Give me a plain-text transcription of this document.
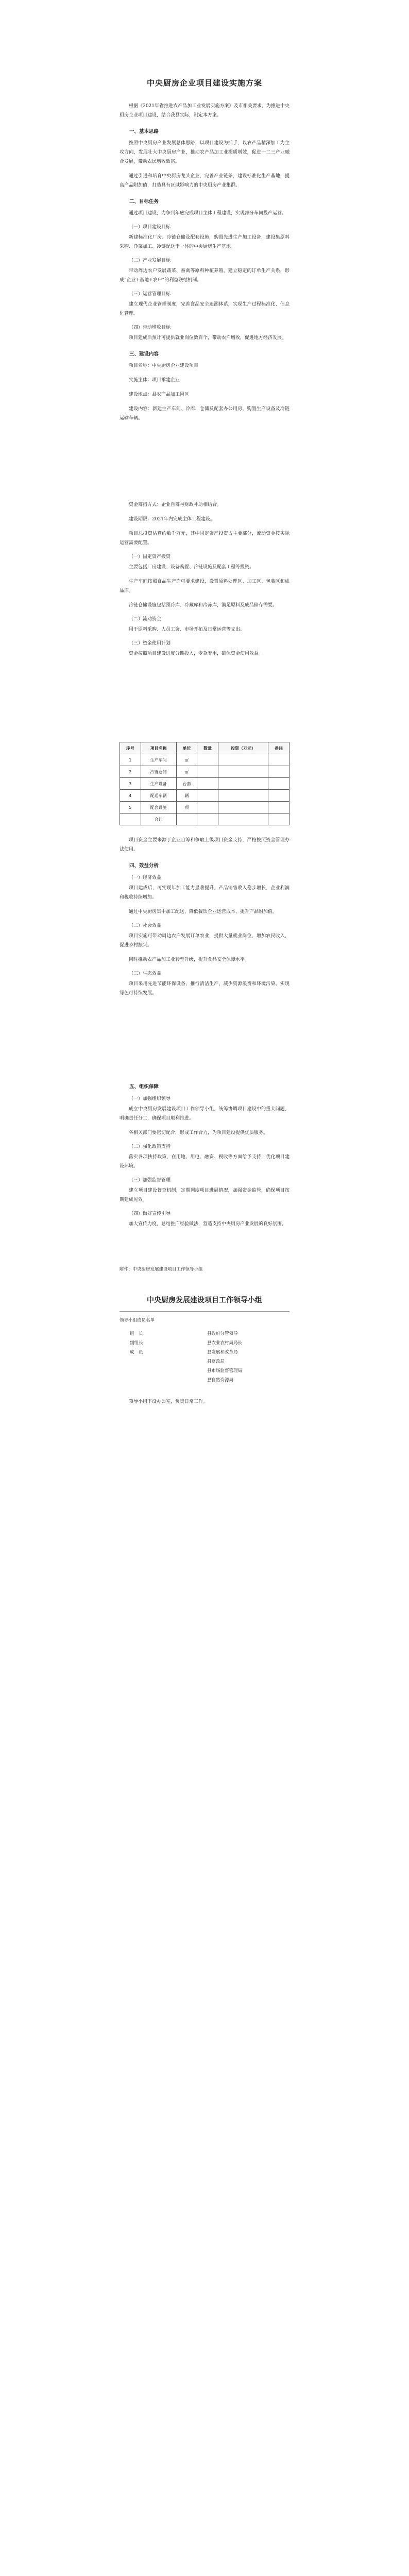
中央厨房企业项目建设实施方案

根据《2021年省推进农产品加工业发展实施方案》及市相关要求，为推进中央厨房企业项目建设，结合我县实际，制定本方案。

一、基本思路

按照中央厨房产业发展总体思路，以项目建设为抓手，以农产品精深加工为主攻方向，发展壮大中央厨房产业，推动农产品加工业提质增效，促进一二三产业融合发展，带动农民增收致富。

通过引进和培育中央厨房龙头企业，完善产业链条，建设标准化生产基地，提高产品附加值，打造具有区域影响力的中央厨房产业集群。

二、目标任务

通过项目建设，力争到年底完成项目主体工程建设，实现部分车间投产运营。

（一）项目建设目标

新建标准化厂房、冷链仓储及配套设施，购置先进生产加工设备，建设集原料采购、净菜加工、冷链配送于一体的中央厨房生产基地。

（二）产业发展目标

带动周边农户发展蔬菜、畜禽等原料种植养殖，建立稳定的订单生产关系，形成“企业+基地+农户”的利益联结机制。

（三）运营管理目标

建立现代企业管理制度，完善食品安全追溯体系，实现生产过程标准化、信息化管理。

（四）带动增收目标

项目建成后预计可提供就业岗位数百个，带动农户增收，促进地方经济发展。

三、建设内容

项目名称：中央厨房企业建设项目

实施主体：项目承建企业

建设地点：县农产品加工园区

建设内容：新建生产车间、冷库、仓储及配套办公用房，购置生产设备及冷链运输车辆。

资金筹措方式：企业自筹与财政补助相结合。

建设期限：2021年内完成主体工程建设。

项目总投资估算约数千万元，其中固定资产投资占主要部分，流动资金按实际运营需要配置。

（一）固定资产投资

主要包括厂房建设、设备购置、冷链设施及配套工程等投资。

生产车间按照食品生产许可要求建设，设置原料处理区、加工区、包装区和成品库。

冷链仓储设施包括预冷库、冷藏库和冷冻库，满足原料及成品储存需要。

（二）流动资金

用于原料采购、人员工资、市场开拓及日常运营等支出。

（三）资金使用计划

资金按照项目建设进度分期投入，专款专用，确保资金使用效益。

序号	项目名称	单位	数量	投资（万元）	备注
1	生产车间	㎡			
2	冷链仓储	㎡			
3	生产设备	台套			
4	配送车辆	辆			
5	配套设施	项			
	合计				

项目资金主要来源于企业自筹和争取上级项目资金支持，严格按照资金管理办法使用。

四、效益分析
（一）经济效益

项目建成后，可实现年加工能力显著提升，产品销售收入稳步增长，企业利润和税收持续增加。

通过中央厨房集中加工配送，降低餐饮企业运营成本，提升产品附加值。

（二）社会效益

项目实施可带动周边农户发展订单农业，提供大量就业岗位，增加农民收入，促进乡村振兴。

同时推动农产品加工业转型升级，提升食品安全保障水平。

（三）生态效益

项目采用先进节能环保设备，推行清洁生产，减少资源浪费和环境污染，实现绿色可持续发展。

五、组织保障
（一）加强组织领导

成立中央厨房发展建设项目工作领导小组，统筹协调项目建设中的重大问题，明确责任分工，确保项目顺利推进。

各相关部门要密切配合，形成工作合力，为项目建设提供优质服务。

（二）强化政策支持

落实各项扶持政策，在用地、用电、融资、税收等方面给予支持，优化项目建设环境。

（三）加强监督管理

建立项目建设督查机制，定期调度项目进展情况，加强资金监管，确保项目按期建成见效。

（四）做好宣传引导

加大宣传力度，总结推广经验做法，营造支持中央厨房产业发展的良好氛围。

附件：中央厨房发展建设项目工作领导小组

中央厨房发展建设项目工作领导小组

领导小组成员名单

组　长：	县政府分管领导
副组长：	县农业农村局局长
成　员：	县发展和改革局
县财政局
县市场监督管理局
县自然资源局

领导小组下设办公室，负责日常工作。
